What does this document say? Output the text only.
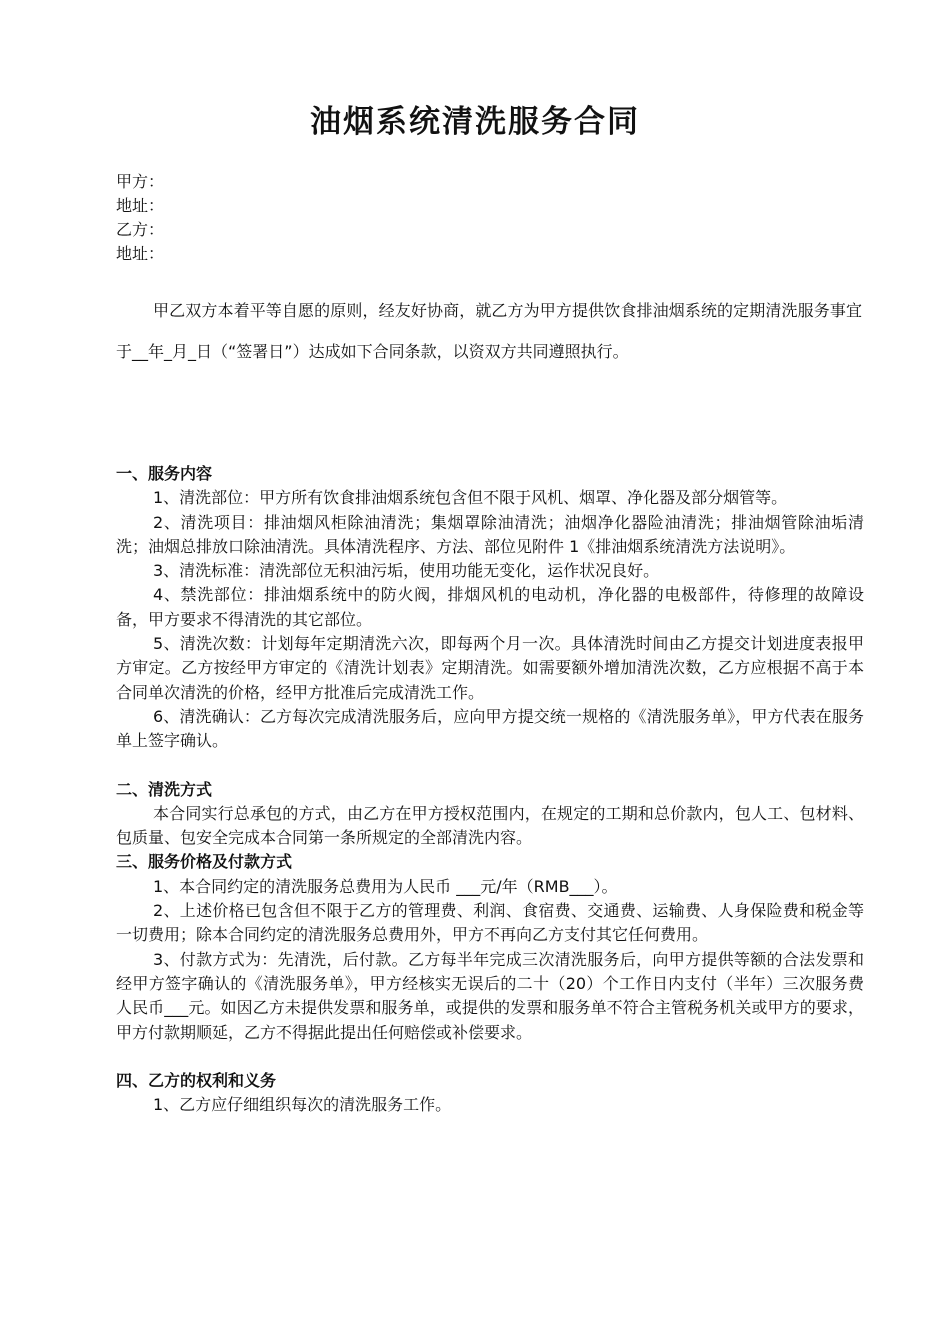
油烟系统清洗服务合同
甲方：
地址：
乙方：
地址：

甲乙双方本着平等自愿的原则，经友好协商，就乙方为甲方提供饮食排油烟系统的定期清洗服务事宜于__年_月_日（“签署日”）达成如下合同条款，以资双方共同遵照执行。

一、服务内容

1、清洗部位：甲方所有饮食排油烟系统包含但不限于风机、烟罩、净化器及部分烟管等。

2、清洗项目：排油烟风柜除油清洗；集烟罩除油清洗；油烟净化器险油清洗；排油烟管除油垢清洗；油烟总排放口除油清洗。具体清洗程序、方法、部位见附件 1《排油烟系统清洗方法说明》。

3、清洗标准：清洗部位无积油污垢，使用功能无变化，运作状况良好。

4、禁洗部位：排油烟系统中的防火阀，排烟风机的电动机，净化器的电极部件，待修理的故障设备，甲方要求不得清洗的其它部位。

5、清洗次数：计划每年定期清洗六次，即每两个月一次。具体清洗时间由乙方提交计划进度表报甲方审定。乙方按经甲方审定的《清洗计划表》定期清洗。如需要额外增加清洗次数，乙方应根据不高于本合同单次清洗的价格，经甲方批准后完成清洗工作。

6、清洗确认：乙方每次完成清洗服务后，应向甲方提交统一规格的《清洗服务单》，甲方代表在服务单上签字确认。

二、清洗方式

本合同实行总承包的方式，由乙方在甲方授权范围内，在规定的工期和总价款内，包人工、包材料、包质量、包安全完成本合同第一条所规定的全部清洗内容。

三、服务价格及付款方式

1、本合同约定的清洗服务总费用为人民币 ___元/年（RMB___）。

2、上述价格已包含但不限于乙方的管理费、利润、食宿费、交通费、运输费、人身保险费和税金等一切费用；除本合同约定的清洗服务总费用外，甲方不再向乙方支付其它任何费用。

3、付款方式为：先清洗，后付款。乙方每半年完成三次清洗服务后，向甲方提供等额的合法发票和经甲方签字确认的《清洗服务单》，甲方经核实无误后的二十（20）个工作日内支付（半年）三次服务费人民币___元。如因乙方未提供发票和服务单，或提供的发票和服务单不符合主管税务机关或甲方的要求，甲方付款期顺延，乙方不得据此提出任何赔偿或补偿要求。

四、乙方的权利和义务

1、乙方应仔细组织每次的清洗服务工作。
